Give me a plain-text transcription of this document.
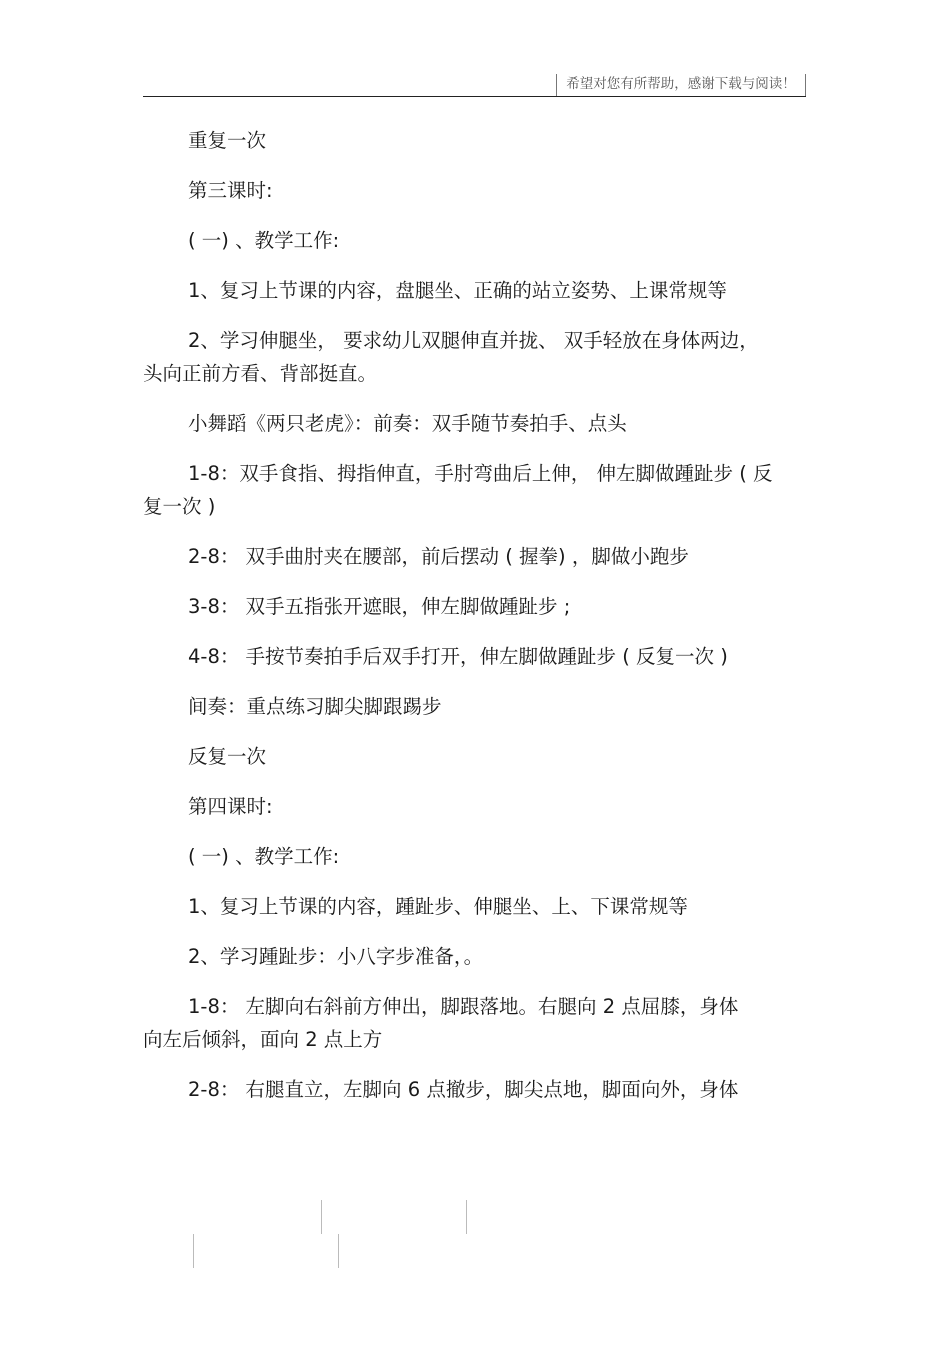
希望对您有所帮助，感谢下载与阅读！

重复一次

第三课时:

( 一) 、教学工作:

1、复习上节课的内容，盘腿坐、正确的站立姿势、上课常规等

2、学习伸腿坐， 要求幼儿双腿伸直并拢、 双手轻放在身体两边，
头向正前方看、背部挺直。

小舞蹈《两只老虎》：前奏：双手随节奏拍手、点头

1-8：双手食指、拇指伸直，手肘弯曲后上伸， 伸左脚做踵趾步 ( 反
复一次 )

2-8： 双手曲肘夹在腰部，前后摆动 ( 握拳) ，脚做小跑步

3-8： 双手五指张开遮眼，伸左脚做踵趾步 ;

4-8： 手按节奏拍手后双手打开，伸左脚做踵趾步 ( 反复一次 )

间奏：重点练习脚尖脚跟踢步

反复一次

第四课时:

( 一) 、教学工作:

1、复习上节课的内容，踵趾步、伸腿坐、上、下课常规等

2、学习踵趾步：小八字步准备，。

1-8： 左脚向右斜前方伸出，脚跟落地。右腿向 2 点屈膝，身体
向左后倾斜，面向 2 点上方

2-8： 右腿直立，左脚向 6 点撤步，脚尖点地，脚面向外，身体
